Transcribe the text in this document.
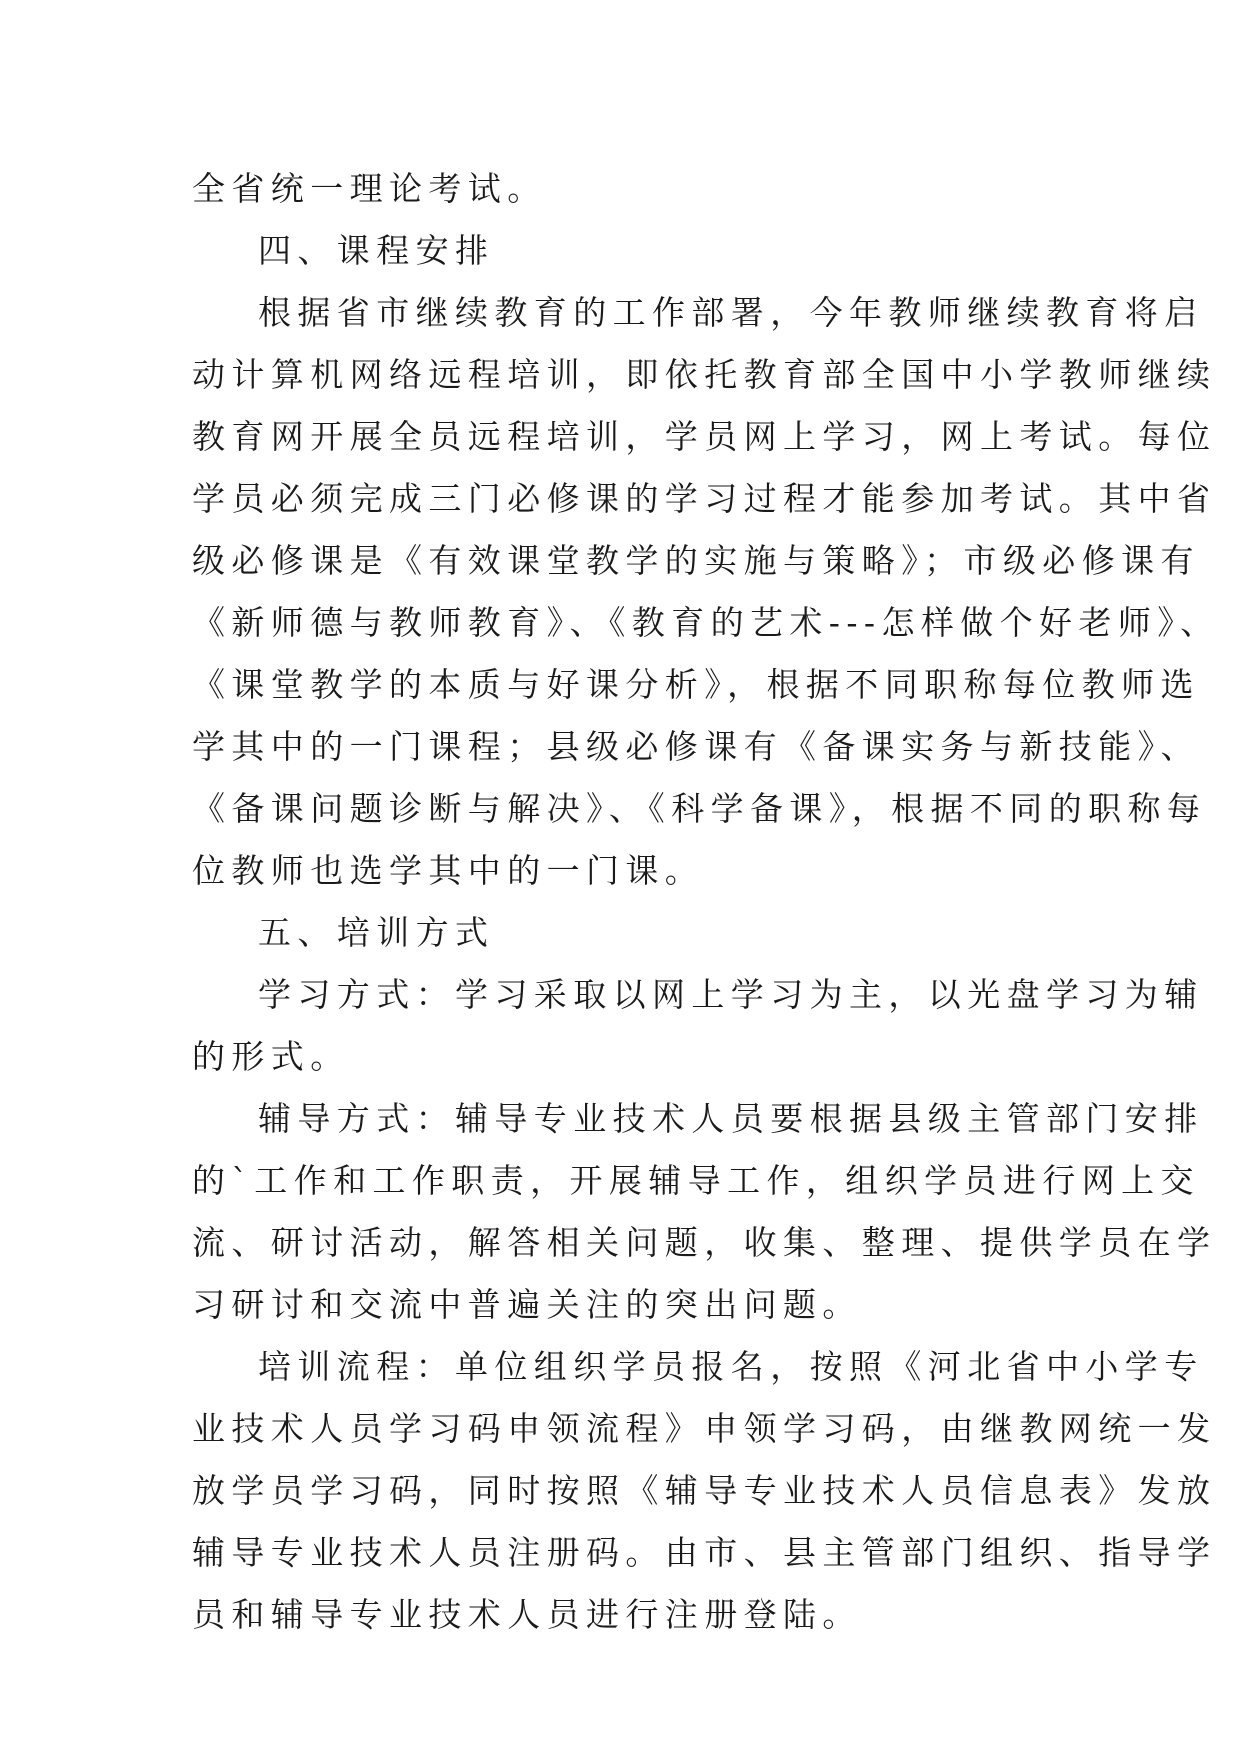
全省统一理论考试。
四、课程安排
根据省市继续教育的工作部署，今年教师继续教育将启
动计算机网络远程培训，即依托教育部全国中小学教师继续
教育网开展全员远程培训，学员网上学习，网上考试。每位
学员必须完成三门必修课的学习过程才能参加考试。其中省
级必修课是《有效课堂教学的实施与策略》；市级必修课有
《新师德与教师教育》、《教育的艺术---怎样做个好老师》、
《课堂教学的本质与好课分析》，根据不同职称每位教师选
学其中的一门课程；县级必修课有《备课实务与新技能》、
《备课问题诊断与解决》、《科学备课》，根据不同的职称每
位教师也选学其中的一门课。
五、培训方式
学习方式：学习采取以网上学习为主，以光盘学习为辅
的形式。
辅导方式：辅导专业技术人员要根据县级主管部门安排
的`工作和工作职责，开展辅导工作，组织学员进行网上交
流、研讨活动，解答相关问题，收集、整理、提供学员在学
习研讨和交流中普遍关注的突出问题。
培训流程：单位组织学员报名，按照《河北省中小学专
业技术人员学习码申领流程》申领学习码，由继教网统一发
放学员学习码，同时按照《辅导专业技术人员信息表》发放
辅导专业技术人员注册码。由市、县主管部门组织、指导学
员和辅导专业技术人员进行注册登陆。
